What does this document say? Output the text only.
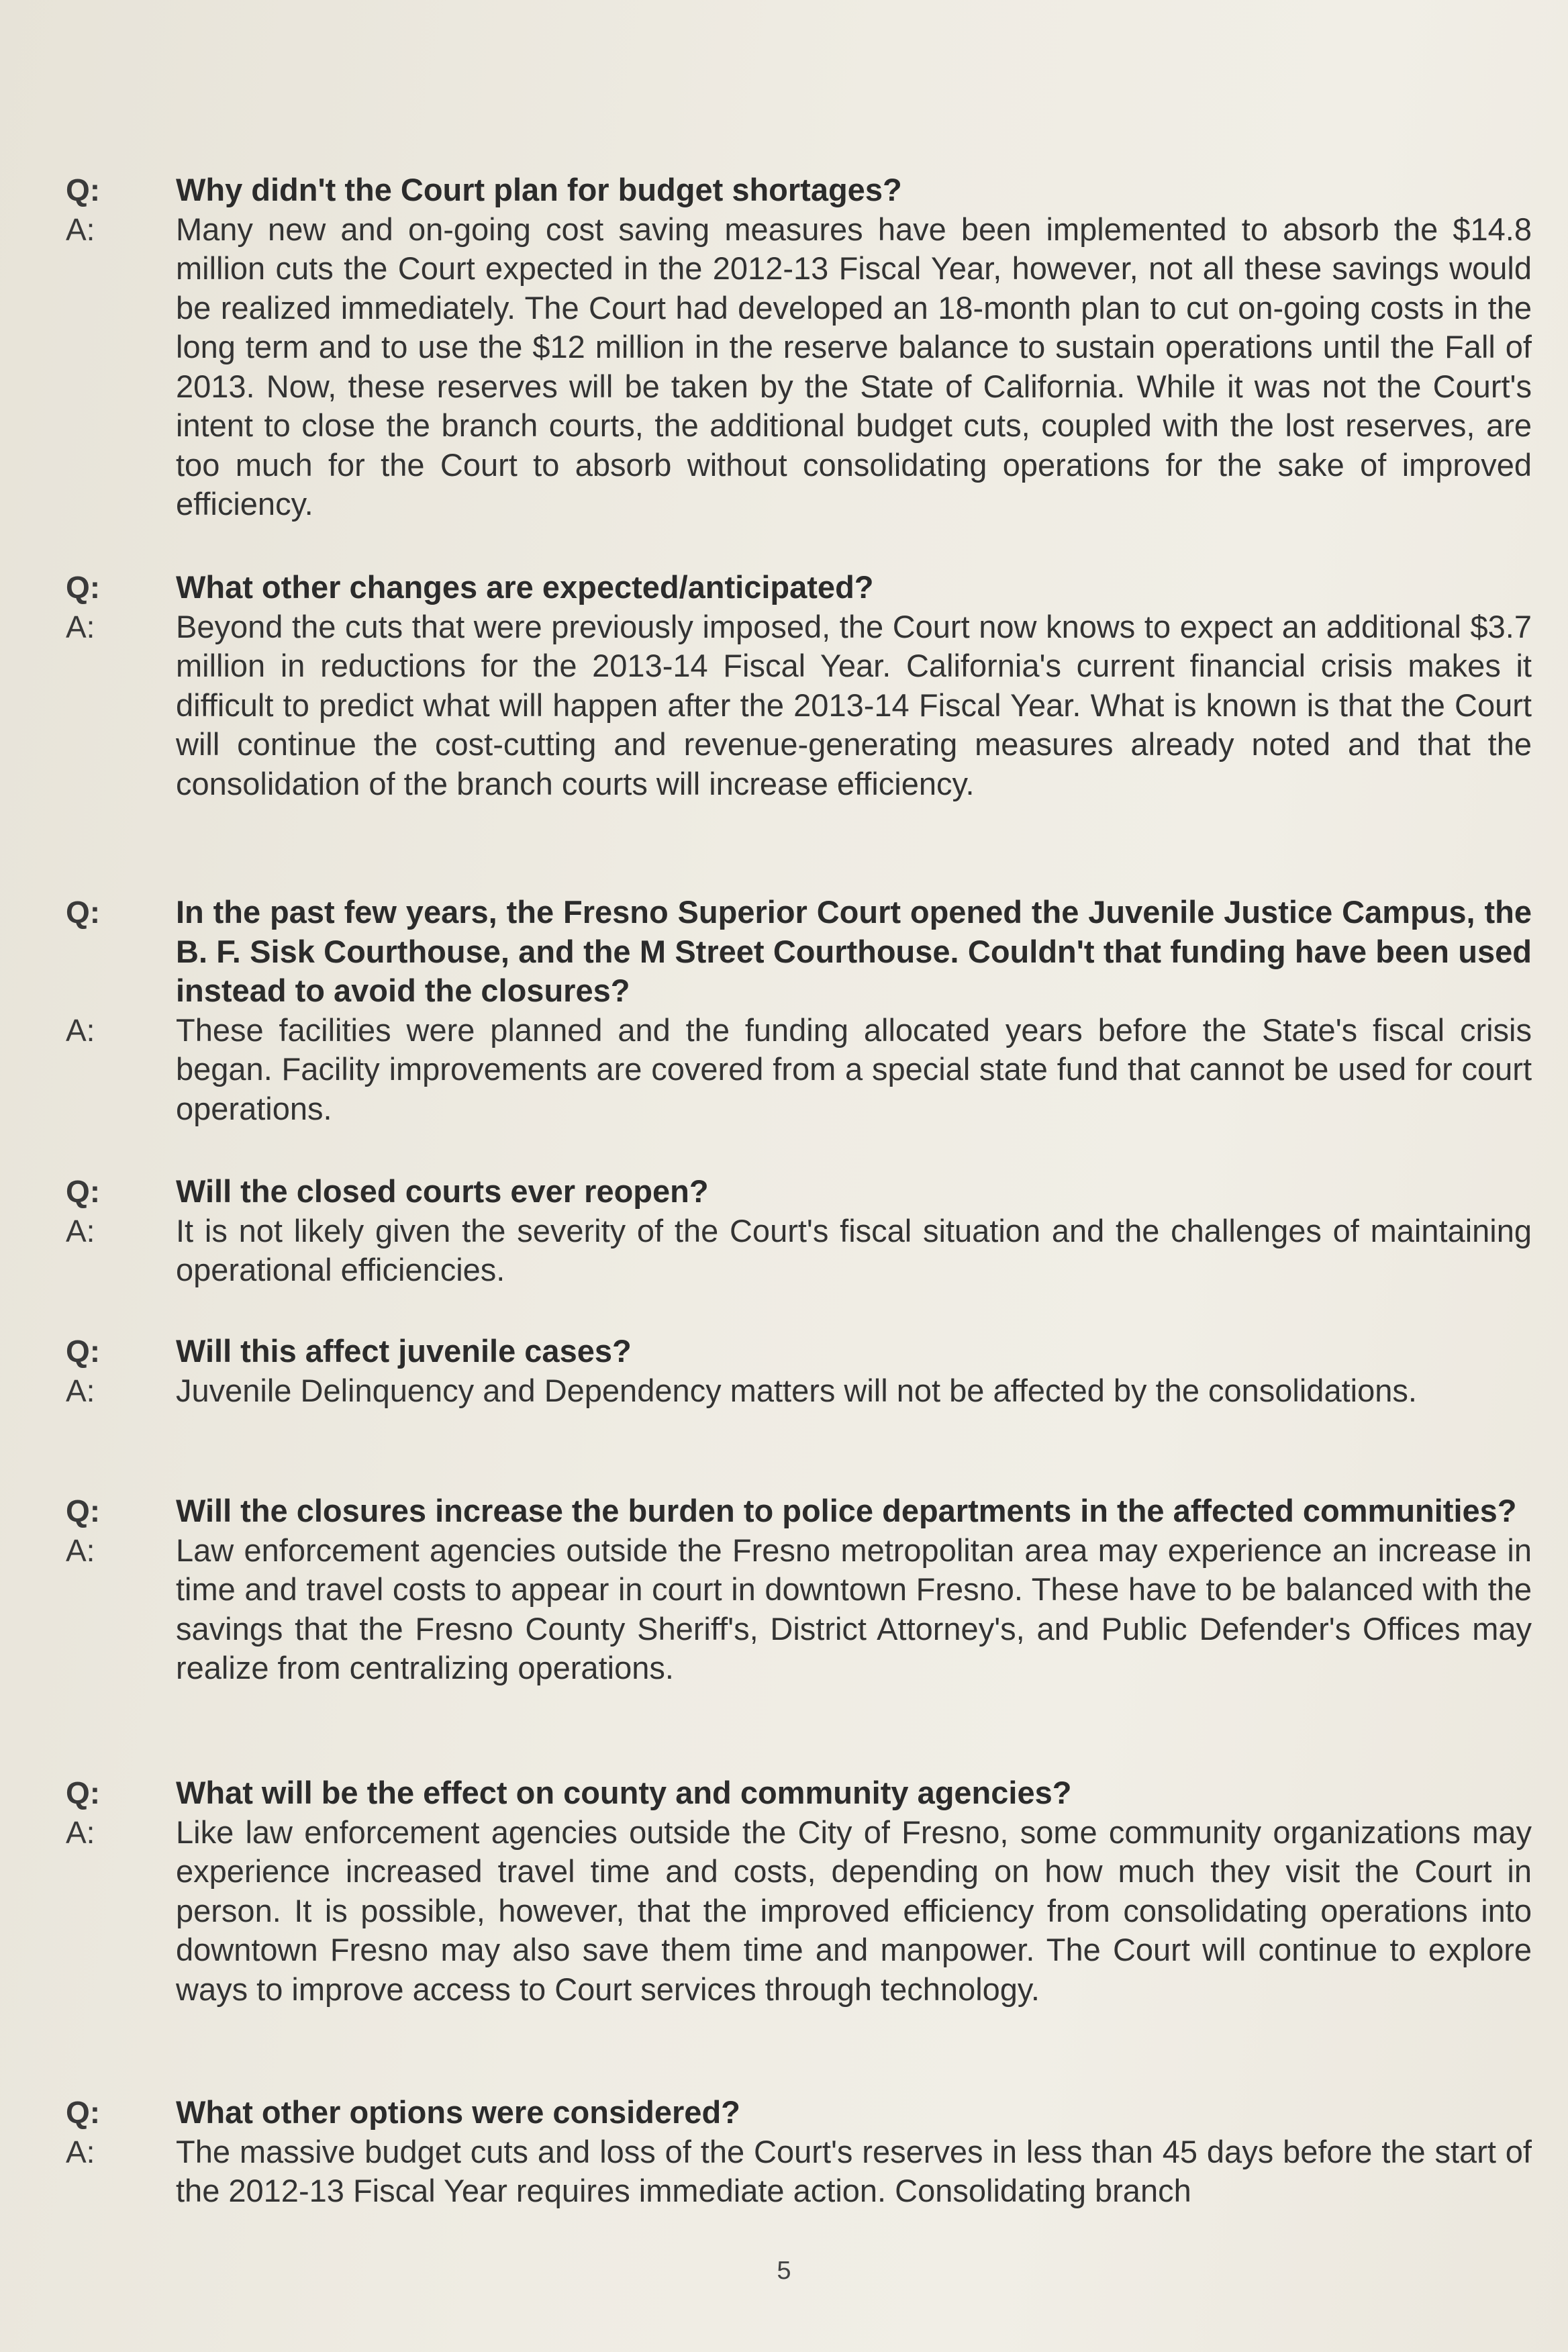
Q: Why didn't the Court plan for budget shortages?
A:	Many new and on-going cost saving measures have been implemented to absorb the $14.8 million cuts the Court expected in the 2012-13 Fiscal Year, however, not all these savings would be realized immediately. The Court had developed an 18-month plan to cut on-going costs in the long term and to use the $12 million in the reserve balance to sustain operations until the Fall of 2013. Now, these reserves will be taken by the State of California. While it was not the Court's intent to close the branch courts, the additional budget cuts, coupled with the lost reserves, are too much for the Court to absorb without consolidating operations for the sake of improved efficiency.
Q: What other changes are expected/anticipated?
A:	Beyond the cuts that were previously imposed, the Court now knows to expect an additional $3.7 million in reductions for the 2013-14 Fiscal Year. California's current financial crisis makes it difficult to predict what will happen after the 2013-14 Fiscal Year. What is known is that the Court will continue the cost-cutting and revenue-generating measures already noted and that the consolidation of the branch courts will increase efficiency.
Q: In the past few years, the Fresno Superior Court opened the Juvenile Justice Campus, the B. F. Sisk Courthouse, and the M Street Courthouse. Couldn't that funding have been used instead to avoid the closures?
A:	These facilities were planned and the funding allocated years before the State's fiscal crisis began. Facility improvements are covered from a special state fund that cannot be used for court operations.
Q: Will the closed courts ever reopen?
A:	It is not likely given the severity of the Court's fiscal situation and the challenges of maintaining operational efficiencies.
Q: Will this affect juvenile cases?
A:	Juvenile Delinquency and Dependency matters will not be affected by the consolidations.
Q: Will the closures increase the burden to police departments in the affected communities?
A:	Law enforcement agencies outside the Fresno metropolitan area may experience an increase in time and travel costs to appear in court in downtown Fresno. These have to be balanced with the savings that the Fresno County Sheriff's, District Attorney's, and Public Defender's Offices may realize from centralizing operations.
Q: What will be the effect on county and community agencies?
A:	Like law enforcement agencies outside the City of Fresno, some community organizations may experience increased travel time and costs, depending on how much they visit the Court in person. It is possible, however, that the improved efficiency from consolidating operations into downtown Fresno may also save them time and manpower. The Court will continue to explore ways to improve access to Court services through technology.
Q: What other options were considered?
A:	The massive budget cuts and loss of the Court's reserves in less than 45 days before the start of the 2012-13 Fiscal Year requires immediate action. Consolidating branch
5
